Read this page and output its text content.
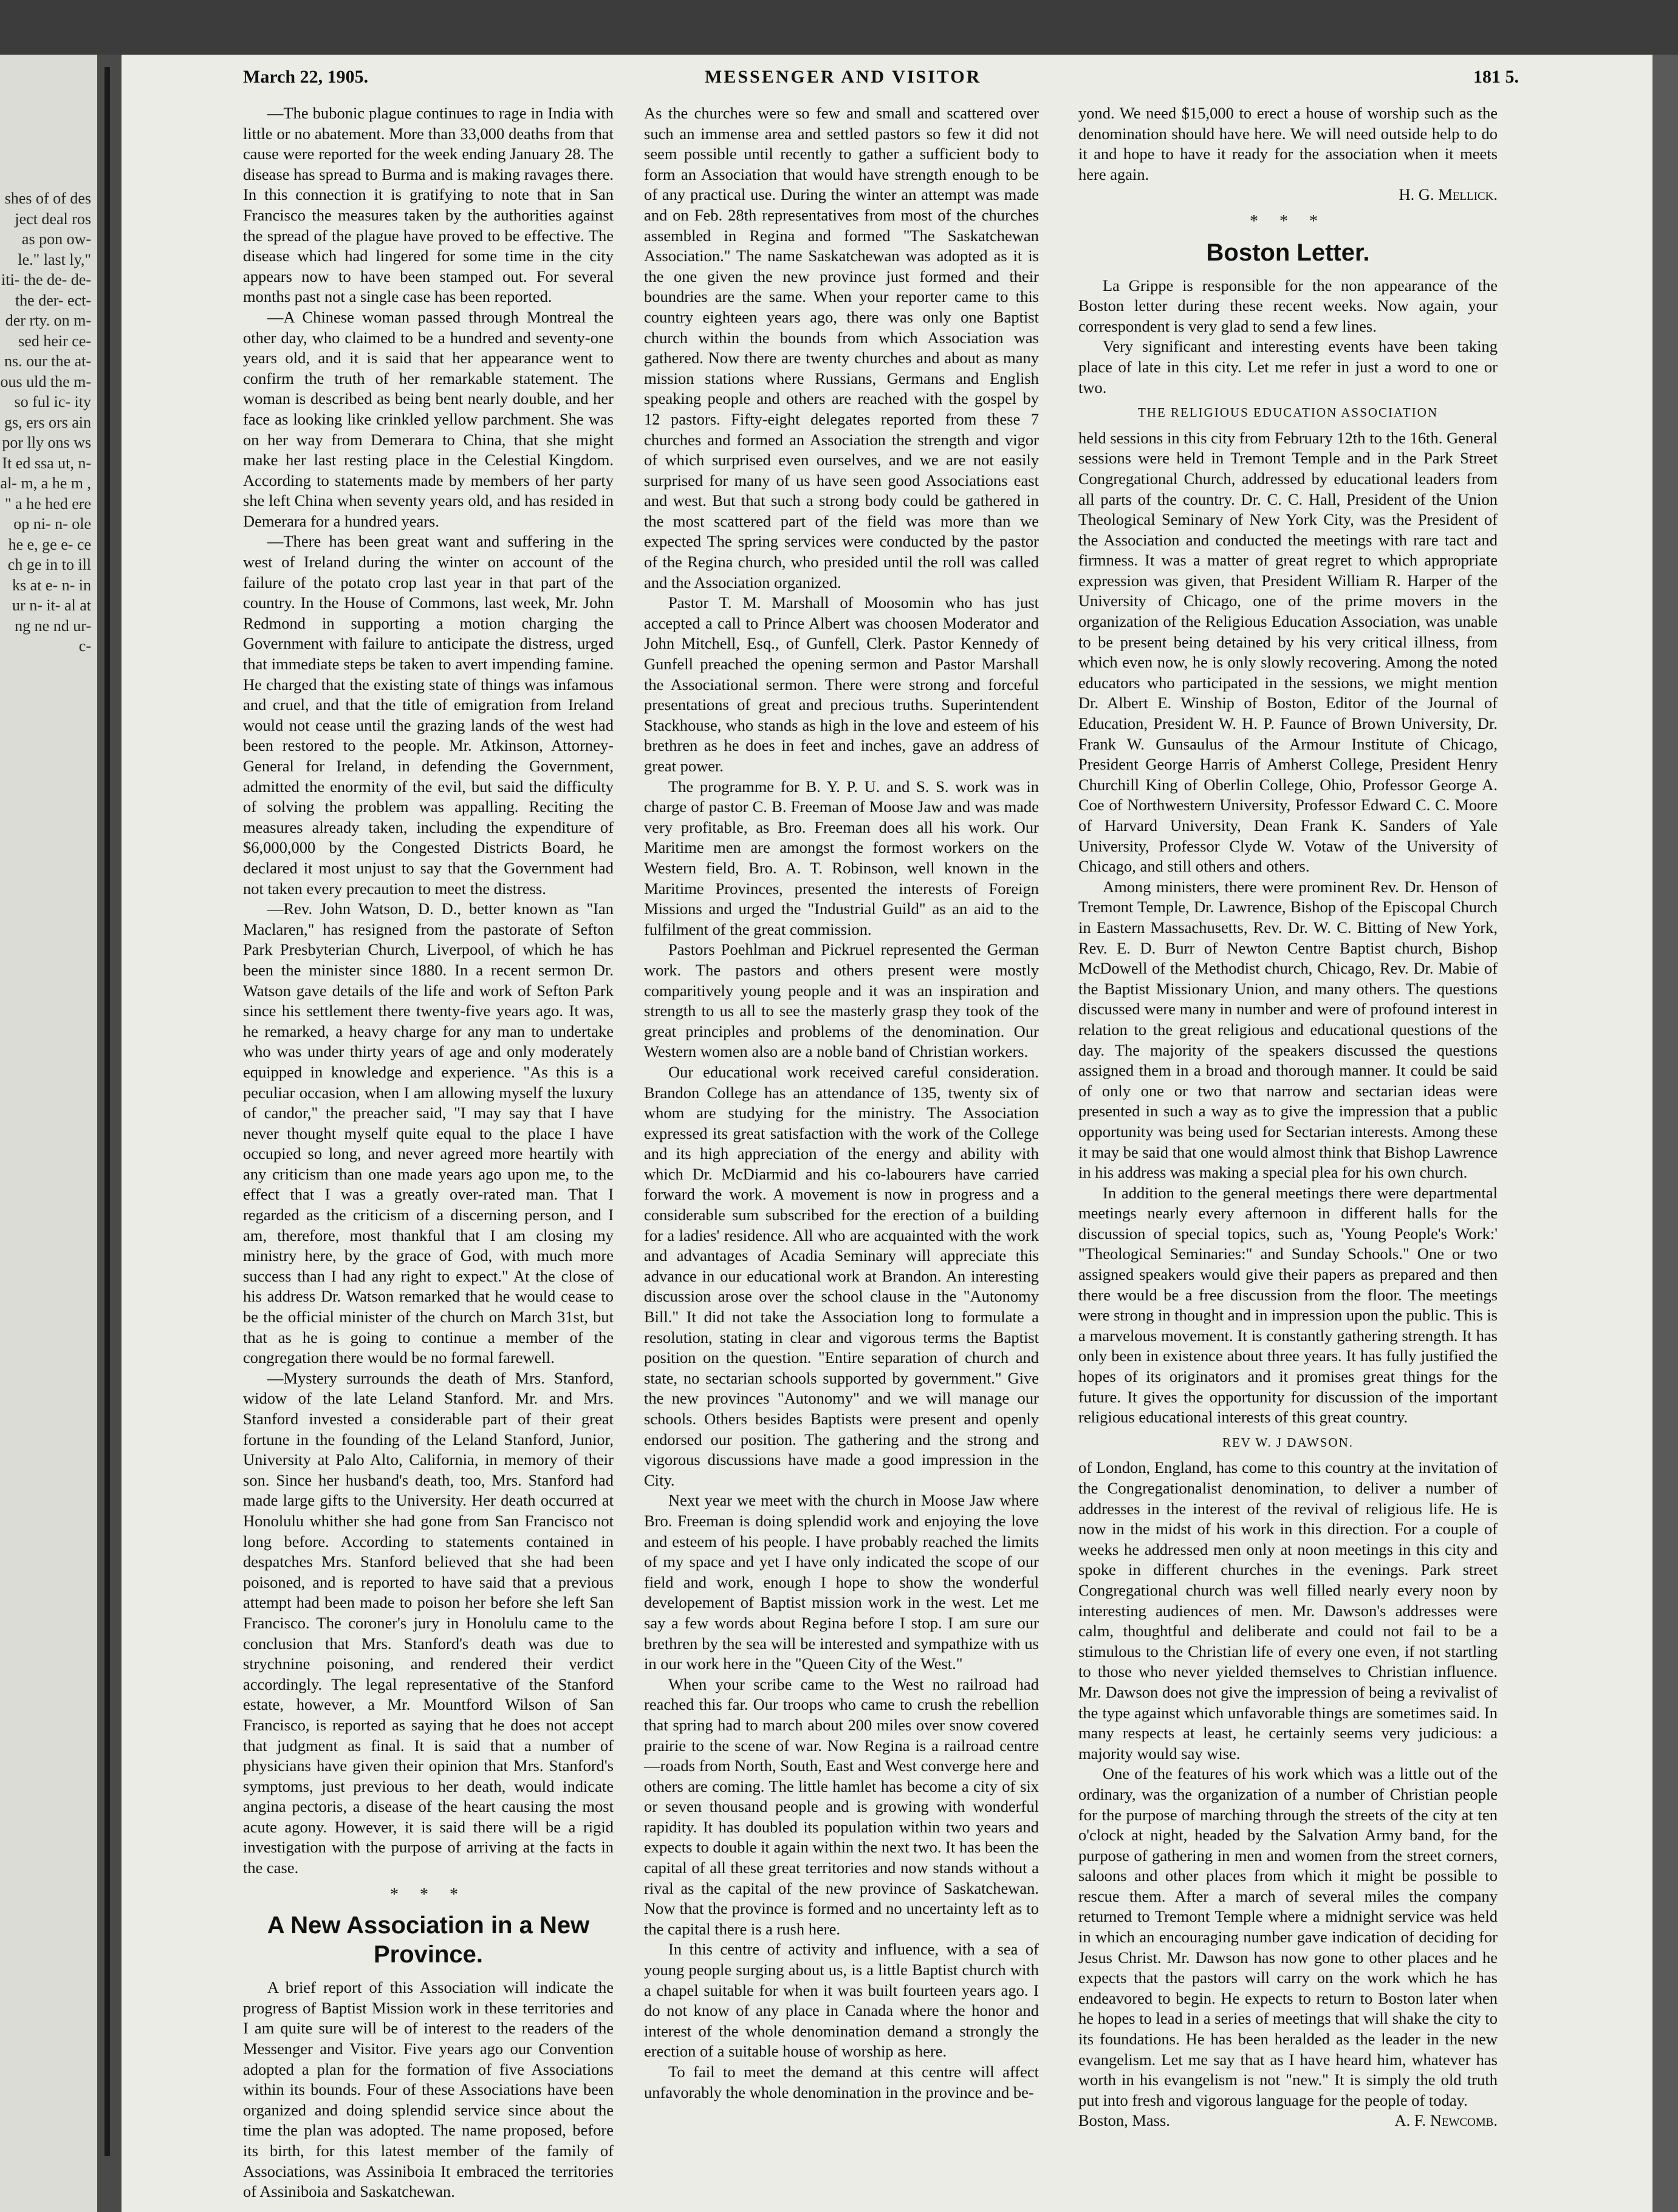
shes of of des ject deal ros as pon ow- le." last ly," iti- the de- de- the der- ect- der rty. on m- sed heir ce- ns. our the at- ous uld the m- so ful ic- ity gs, ers ors ain por lly ons ws It ed ssa ut, n- al- m, a he m , " a he hed ere op ni- n- ole he e, ge e- ce ch ge in to ill ks at e- n- in ur n- it- al at ng ne nd ur- c-
March 22, 1905.	MESSENGER AND VISITOR	181 5.

—The bubonic plague continues to rage in India with little or no abatement. More than 33,000 deaths from that cause were reported for the week ending January 28. The disease has spread to Burma and is making ravages there. In this connection it is gratifying to note that in San Francisco the measures taken by the authorities against the spread of the plague have proved to be effective. The disease which had lingered for some time in the city appears now to have been stamped out. For several months past not a single case has been reported.

—A Chinese woman passed through Montreal the other day, who claimed to be a hundred and seventy-one years old, and it is said that her appearance went to confirm the truth of her remarkable statement. The woman is described as being bent nearly double, and her face as looking like crinkled yellow parchment. She was on her way from Demerara to China, that she might make her last resting place in the Celestial Kingdom. According to statements made by members of her party she left China when seventy years old, and has resided in Demerara for a hundred years.

—There has been great want and suffering in the west of Ireland during the winter on account of the failure of the potato crop last year in that part of the country. In the House of Commons, last week, Mr. John Redmond in supporting a motion charging the Government with failure to anticipate the distress, urged that immediate steps be taken to avert impending famine. He charged that the existing state of things was infamous and cruel, and that the title of emigration from Ireland would not cease until the grazing lands of the west had been restored to the people. Mr. Atkinson, Attorney-General for Ireland, in defending the Government, admitted the enormity of the evil, but said the difficulty of solving the problem was appalling. Reciting the measures already taken, including the expenditure of $6,000,000 by the Congested Districts Board, he declared it most unjust to say that the Government had not taken every precaution to meet the distress.

—Rev. John Watson, D. D., better known as "Ian Maclaren," has resigned from the pastorate of Sefton Park Presbyterian Church, Liverpool, of which he has been the minister since 1880. In a recent sermon Dr. Watson gave details of the life and work of Sefton Park since his settlement there twenty-five years ago. It was, he remarked, a heavy charge for any man to undertake who was under thirty years of age and only moderately equipped in knowledge and experience. "As this is a peculiar occasion, when I am allowing myself the luxury of candor," the preacher said, "I may say that I have never thought myself quite equal to the place I have occupied so long, and never agreed more heartily with any criticism than one made years ago upon me, to the effect that I was a greatly over-rated man. That I regarded as the criticism of a discerning person, and I am, therefore, most thankful that I am closing my ministry here, by the grace of God, with much more success than I had any right to expect." At the close of his address Dr. Watson remarked that he would cease to be the official minister of the church on March 31st, but that as he is going to continue a member of the congregation there would be no formal farewell.

—Mystery surrounds the death of Mrs. Stanford, widow of the late Leland Stanford. Mr. and Mrs. Stanford invested a considerable part of their great fortune in the founding of the Leland Stanford, Junior, University at Palo Alto, California, in memory of their son. Since her husband's death, too, Mrs. Stanford had made large gifts to the University. Her death occurred at Honolulu whither she had gone from San Francisco not long before. According to statements contained in despatches Mrs. Stanford believed that she had been poisoned, and is reported to have said that a previous attempt had been made to poison her before she left San Francisco. The coroner's jury in Honolulu came to the conclusion that Mrs. Stanford's death was due to strychnine poisoning, and rendered their verdict accordingly. The legal representative of the Stanford estate, however, a Mr. Mountford Wilson of San Francisco, is reported as saying that he does not accept that judgment as final. It is said that a number of physicians have given their opinion that Mrs. Stanford's symptoms, just previous to her death, would indicate angina pectoris, a disease of the heart causing the most acute agony. However, it is said there will be a rigid investigation with the purpose of arriving at the facts in the case.

* * *
A New Association in a New Province.

A brief report of this Association will indicate the progress of Baptist Mission work in these territories and I am quite sure will be of interest to the readers of the Messenger and Visitor. Five years ago our Convention adopted a plan for the formation of five Associations within its bounds. Four of these Associations have been organized and doing splendid service since about the time the plan was adopted. The name proposed, before its birth, for this latest member of the family of Associations, was Assiniboia It embraced the territories of Assiniboia and Saskatchewan.

As the churches were so few and small and scattered over such an immense area and settled pastors so few it did not seem possible until recently to gather a sufficient body to form an Association that would have strength enough to be of any practical use. During the winter an attempt was made and on Feb. 28th representatives from most of the churches assembled in Regina and formed "The Saskatchewan Association." The name Saskatchewan was adopted as it is the one given the new province just formed and their boundries are the same. When your reporter came to this country eighteen years ago, there was only one Baptist church within the bounds from which Association was gathered. Now there are twenty churches and about as many mission stations where Russians, Germans and English speaking people and others are reached with the gospel by 12 pastors. Fifty-eight delegates reported from these 7 churches and formed an Association the strength and vigor of which surprised even ourselves, and we are not easily surprised for many of us have seen good Associations east and west. But that such a strong body could be gathered in the most scattered part of the field was more than we expected The spring services were conducted by the pastor of the Regina church, who presided until the roll was called and the Association organized.

Pastor T. M. Marshall of Moosomin who has just accepted a call to Prince Albert was choosen Moderator and John Mitchell, Esq., of Gunfell, Clerk. Pastor Kennedy of Gunfell preached the opening sermon and Pastor Marshall the Associational sermon. There were strong and forceful presentations of great and precious truths. Superintendent Stackhouse, who stands as high in the love and esteem of his brethren as he does in feet and inches, gave an address of great power.

The programme for B. Y. P. U. and S. S. work was in charge of pastor C. B. Freeman of Moose Jaw and was made very profitable, as Bro. Freeman does all his work. Our Maritime men are amongst the formost workers on the Western field, Bro. A. T. Robinson, well known in the Maritime Provinces, presented the interests of Foreign Missions and urged the "Industrial Guild" as an aid to the fulfilment of the great commission.

Pastors Poehlman and Pickruel represented the German work. The pastors and others present were mostly comparitively young people and it was an inspiration and strength to us all to see the masterly grasp they took of the great principles and problems of the denomination. Our Western women also are a noble band of Christian workers.

Our educational work received careful consideration. Brandon College has an attendance of 135, twenty six of whom are studying for the ministry. The Association expressed its great satisfaction with the work of the College and its high appreciation of the energy and ability with which Dr. McDiarmid and his co-labourers have carried forward the work. A movement is now in progress and a considerable sum subscribed for the erection of a building for a ladies' residence. All who are acquainted with the work and advantages of Acadia Seminary will appreciate this advance in our educational work at Brandon. An interesting discussion arose over the school clause in the "Autonomy Bill." It did not take the Association long to formulate a resolution, stating in clear and vigorous terms the Baptist position on the question. "Entire separation of church and state, no sectarian schools supported by government." Give the new provinces "Autonomy" and we will manage our schools. Others besides Baptists were present and openly endorsed our position. The gathering and the strong and vigorous discussions have made a good impression in the City.

Next year we meet with the church in Moose Jaw where Bro. Freeman is doing splendid work and enjoying the love and esteem of his people. I have probably reached the limits of my space and yet I have only indicated the scope of our field and work, enough I hope to show the wonderful developement of Baptist mission work in the west. Let me say a few words about Regina before I stop. I am sure our brethren by the sea will be interested and sympathize with us in our work here in the "Queen City of the West."

When your scribe came to the West no railroad had reached this far. Our troops who came to crush the rebellion that spring had to march about 200 miles over snow covered prairie to the scene of war. Now Regina is a railroad centre—roads from North, South, East and West converge here and others are coming. The little hamlet has become a city of six or seven thousand people and is growing with wonderful rapidity. It has doubled its population within two years and expects to double it again within the next two. It has been the capital of all these great territories and now stands without a rival as the capital of the new province of Saskatchewan. Now that the province is formed and no uncertainty left as to the capital there is a rush here.

In this centre of activity and influence, with a sea of young people surging about us, is a little Baptist church with a chapel suitable for when it was built fourteen years ago. I do not know of any place in Canada where the honor and interest of the whole denomination demand a strongly the erection of a suitable house of worship as here.

To fail to meet the demand at this centre will affect unfavorably the whole denomination in the province and be-

yond. We need $15,000 to erect a house of worship such as the denomination should have here. We will need outside help to do it and hope to have it ready for the association when it meets here again.

H. G. Mellick.
* * *
Boston Letter.

La Grippe is responsible for the non appearance of the Boston letter during these recent weeks. Now again, your correspondent is very glad to send a few lines.

Very significant and interesting events have been taking place of late in this city. Let me refer in just a word to one or two.

THE RELIGIOUS EDUCATION ASSOCIATION

held sessions in this city from February 12th to the 16th. General sessions were held in Tremont Temple and in the Park Street Congregational Church, addressed by educational leaders from all parts of the country. Dr. C. C. Hall, President of the Union Theological Seminary of New York City, was the President of the Association and conducted the meetings with rare tact and firmness. It was a matter of great regret to which appropriate expression was given, that President William R. Harper of the University of Chicago, one of the prime movers in the organization of the Religious Education Association, was unable to be present being detained by his very critical illness, from which even now, he is only slowly recovering. Among the noted educators who participated in the sessions, we might mention Dr. Albert E. Winship of Boston, Editor of the Journal of Education, President W. H. P. Faunce of Brown University, Dr. Frank W. Gunsaulus of the Armour Institute of Chicago, President George Harris of Amherst College, President Henry Churchill King of Oberlin College, Ohio, Professor George A. Coe of Northwestern University, Professor Edward C. C. Moore of Harvard University, Dean Frank K. Sanders of Yale University, Professor Clyde W. Votaw of the University of Chicago, and still others and others.

Among ministers, there were prominent Rev. Dr. Henson of Tremont Temple, Dr. Lawrence, Bishop of the Episcopal Church in Eastern Massachusetts, Rev. Dr. W. C. Bitting of New York, Rev. E. D. Burr of Newton Centre Baptist church, Bishop McDowell of the Methodist church, Chicago, Rev. Dr. Mabie of the Baptist Missionary Union, and many others. The questions discussed were many in number and were of profound interest in relation to the great religious and educational questions of the day. The majority of the speakers discussed the questions assigned them in a broad and thorough manner. It could be said of only one or two that narrow and sectarian ideas were presented in such a way as to give the impression that a public opportunity was being used for Sectarian interests. Among these it may be said that one would almost think that Bishop Lawrence in his address was making a special plea for his own church.

In addition to the general meetings there were departmental meetings nearly every afternoon in different halls for the discussion of special topics, such as, 'Young People's Work:' "Theological Seminaries:" and Sunday Schools." One or two assigned speakers would give their papers as prepared and then there would be a free discussion from the floor. The meetings were strong in thought and in impression upon the public. This is a marvelous movement. It is constantly gathering strength. It has only been in existence about three years. It has fully justified the hopes of its originators and it promises great things for the future. It gives the opportunity for discussion of the important religious educational interests of this great country.

REV W. J DAWSON.

of London, England, has come to this country at the invitation of the Congregationalist denomination, to deliver a number of addresses in the interest of the revival of religious life. He is now in the midst of his work in this direction. For a couple of weeks he addressed men only at noon meetings in this city and spoke in different churches in the evenings. Park street Congregational church was well filled nearly every noon by interesting audiences of men. Mr. Dawson's addresses were calm, thoughtful and deliberate and could not fail to be a stimulous to the Christian life of every one even, if not startling to those who never yielded themselves to Christian influence. Mr. Dawson does not give the impression of being a revivalist of the type against which unfavorable things are sometimes said. In many respects at least, he certainly seems very judicious: a majority would say wise.

One of the features of his work which was a little out of the ordinary, was the organization of a number of Christian people for the purpose of marching through the streets of the city at ten o'clock at night, headed by the Salvation Army band, for the purpose of gathering in men and women from the street corners, saloons and other places from which it might be possible to rescue them. After a march of several miles the company returned to Tremont Temple where a midnight service was held in which an encouraging number gave indication of deciding for Jesus Christ. Mr. Dawson has now gone to other places and he expects that the pastors will carry on the work which he has endeavored to begin. He expects to return to Boston later when he hopes to lead in a series of meetings that will shake the city to its foundations. He has been heralded as the leader in the new evangelism. Let me say that as I have heard him, whatever has worth in his evangelism is not "new." It is simply the old truth put into fresh and vigorous language for the people of today.

Boston, Mass.	A. F. Newcomb.
